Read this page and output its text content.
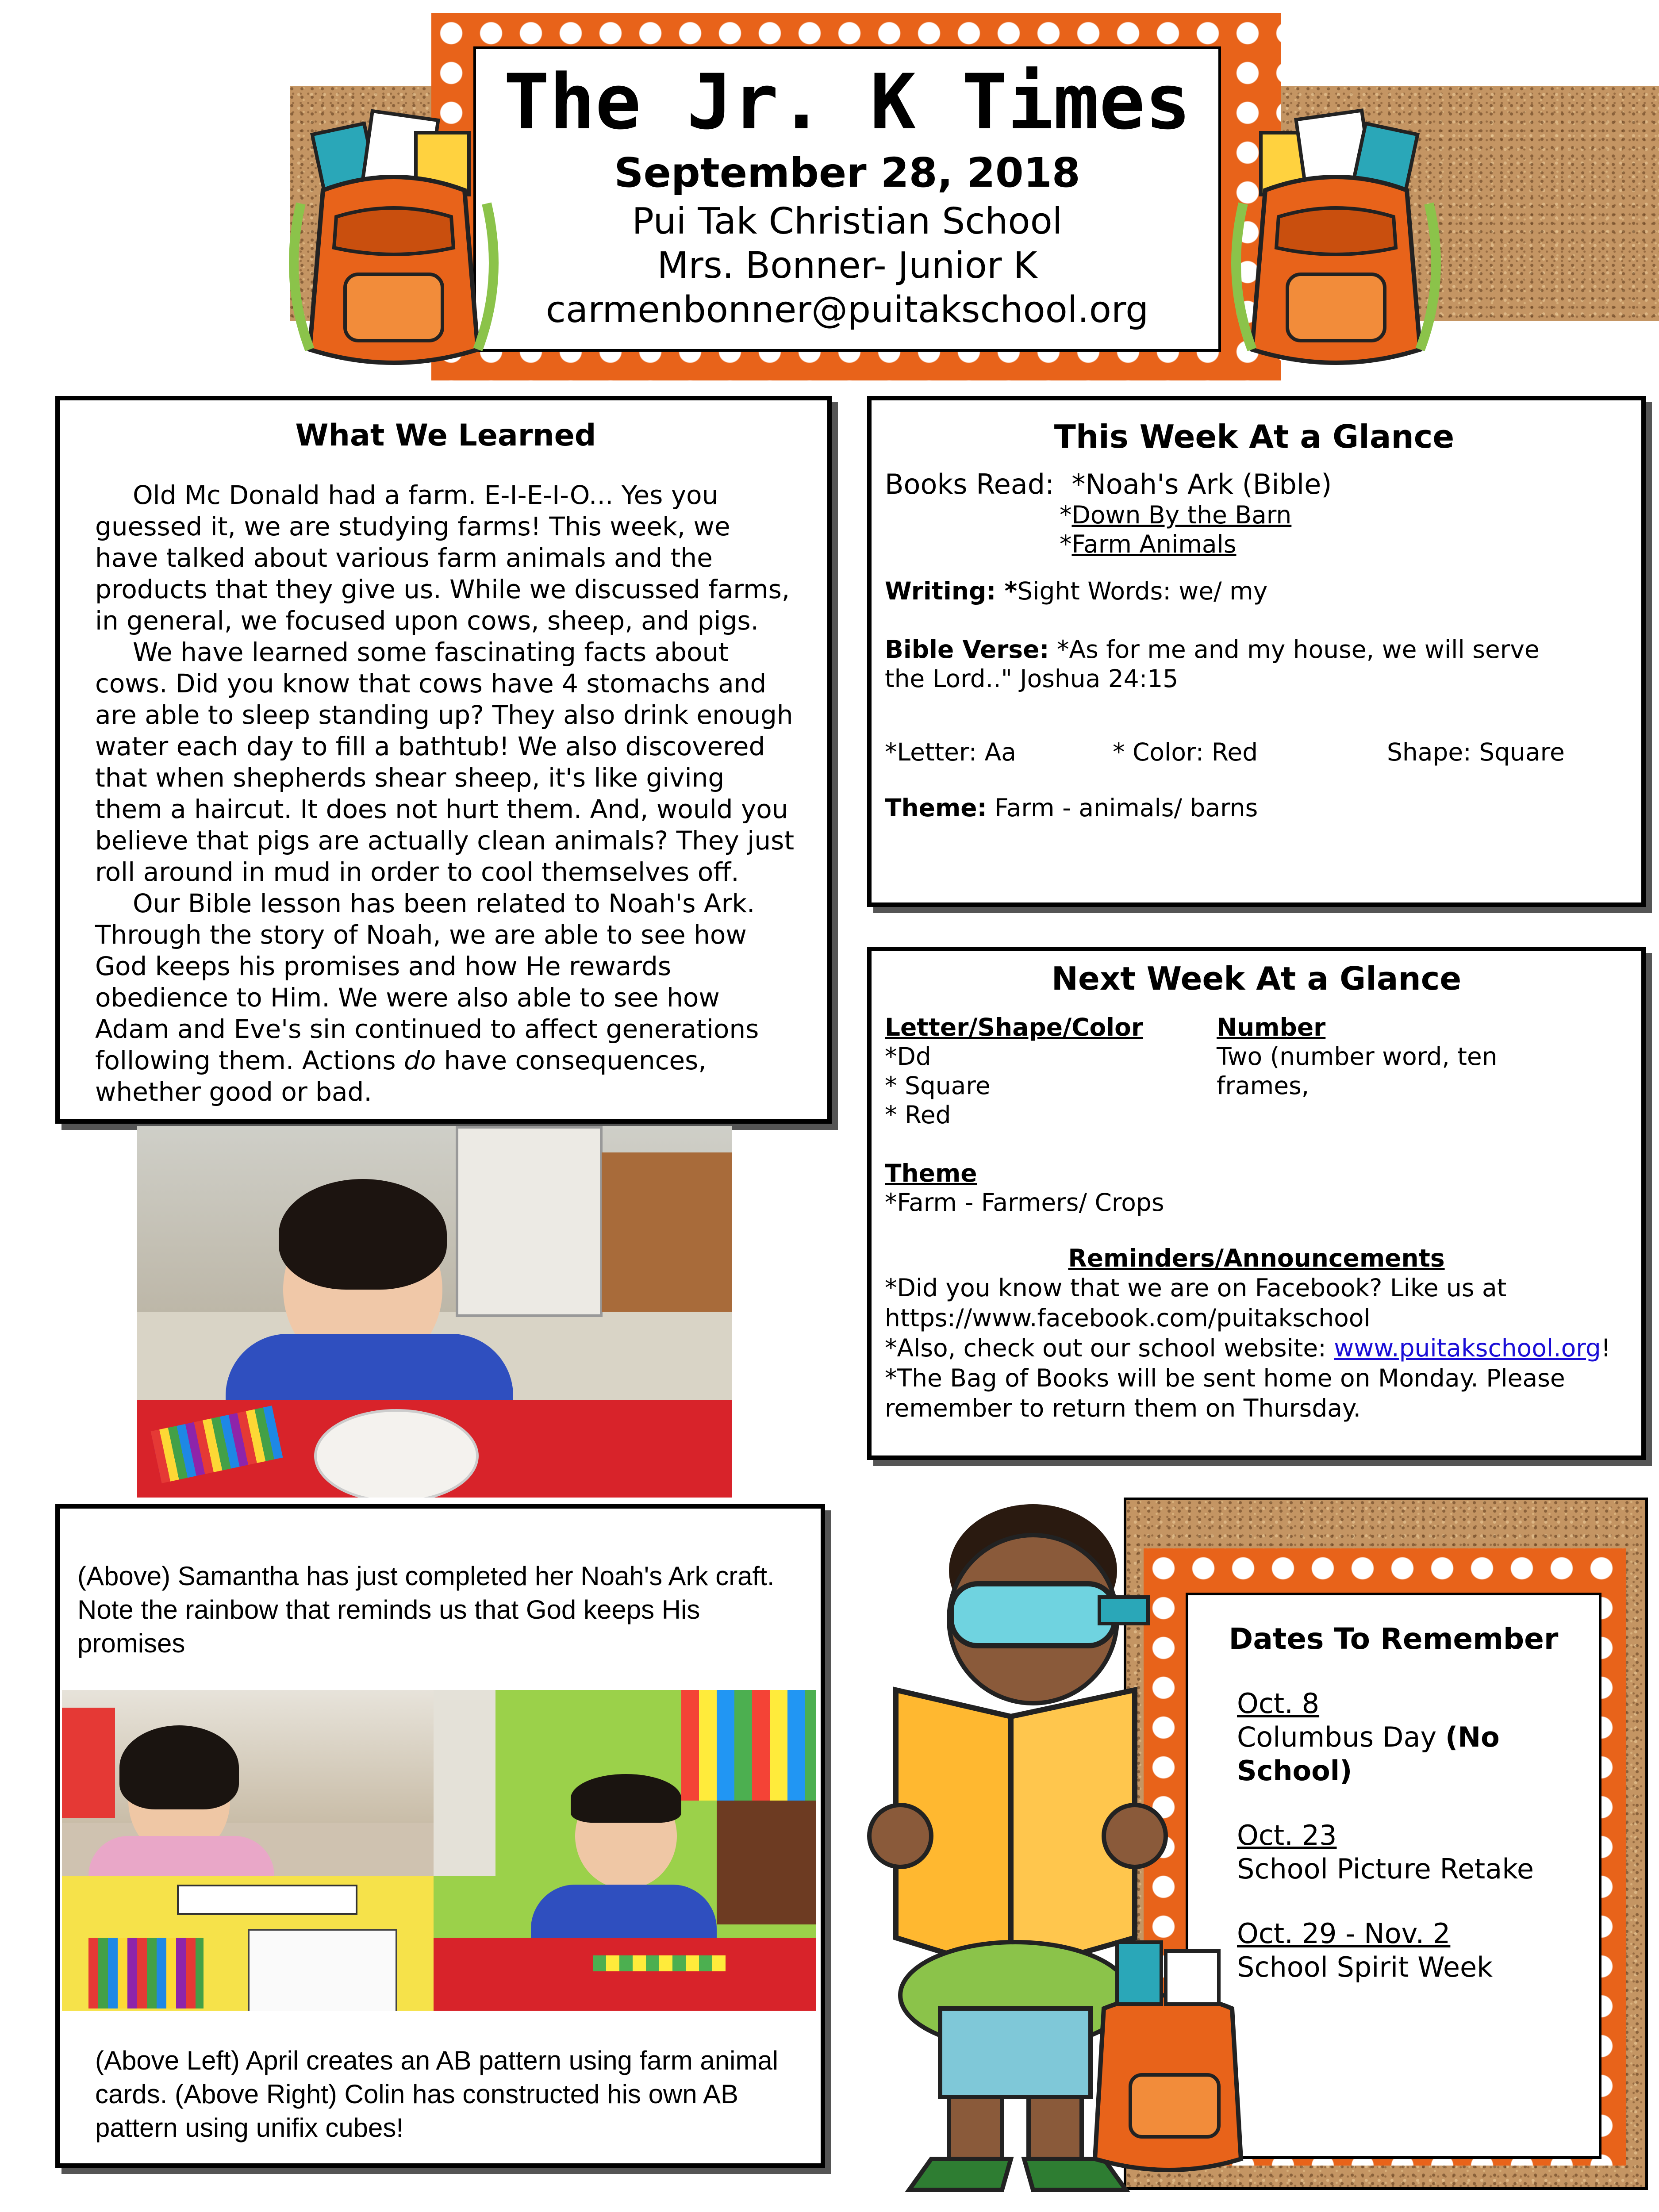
The Jr. K Times
September 28, 2018
Pui Tak Christian School
Mrs. Bonner- Junior K
carmenbonner@puitakschool.org
What We Learned

Old Mc Donald had a farm. E-I-E-I-O... Yes you guessed it, we are studying farms! This week, we have talked about various farm animals and the products that they give us. While we discussed farms, in general, we focused upon cows, sheep, and pigs.

We have learned some fascinating facts about cows. Did you know that cows have 4 stomachs and are able to sleep standing up? They also drink enough water each day to fill a bathtub! We also discovered that when shepherds shear sheep, it's like giving them a haircut. It does not hurt them. And, would you believe that pigs are actually clean animals? They just roll around in mud in order to cool themselves off.

Our Bible lesson has been related to Noah's Ark. Through the story of Noah, we are able to see how God keeps his promises and how He rewards obedience to Him. We were also able to see how Adam and Eve's sin continued to affect generations following them. Actions do have consequences, whether good or bad.

(Above) Samantha has just completed her Noah's Ark craft. Note the rainbow that reminds us that God keeps His promises
(Above Left) April creates an AB pattern using farm animal cards. (Above Right) Colin has constructed his own AB pattern using unifix cubes!
This Week At a Glance
Books Read: *Noah's Ark (Bible)
*Down By the Barn
*Farm Animals
Writing: *Sight Words: we/ my
Bible Verse: *As for me and my house, we will serve the Lord.." Joshua 24:15
*Letter: Aa	* Color: Red	Shape: Square
Theme: Farm - animals/ barns
Next Week At a Glance
Letter/Shape/Color
*Dd
* Square
* Red
Number
Two (number word, ten frames,
Theme
*Farm - Farmers/ Crops
Reminders/Announcements
*Did you know that we are on Facebook? Like us at https://www.facebook.com/puitakschool
*Also, check out our school website: www.puitakschool.org!
*The Bag of Books will be sent home on Monday. Please remember to return them on Thursday.
Dates To Remember
Oct. 8
Columbus Day (No School)
Oct. 23
School Picture Retake
Oct. 29 - Nov. 2
School Spirit Week
